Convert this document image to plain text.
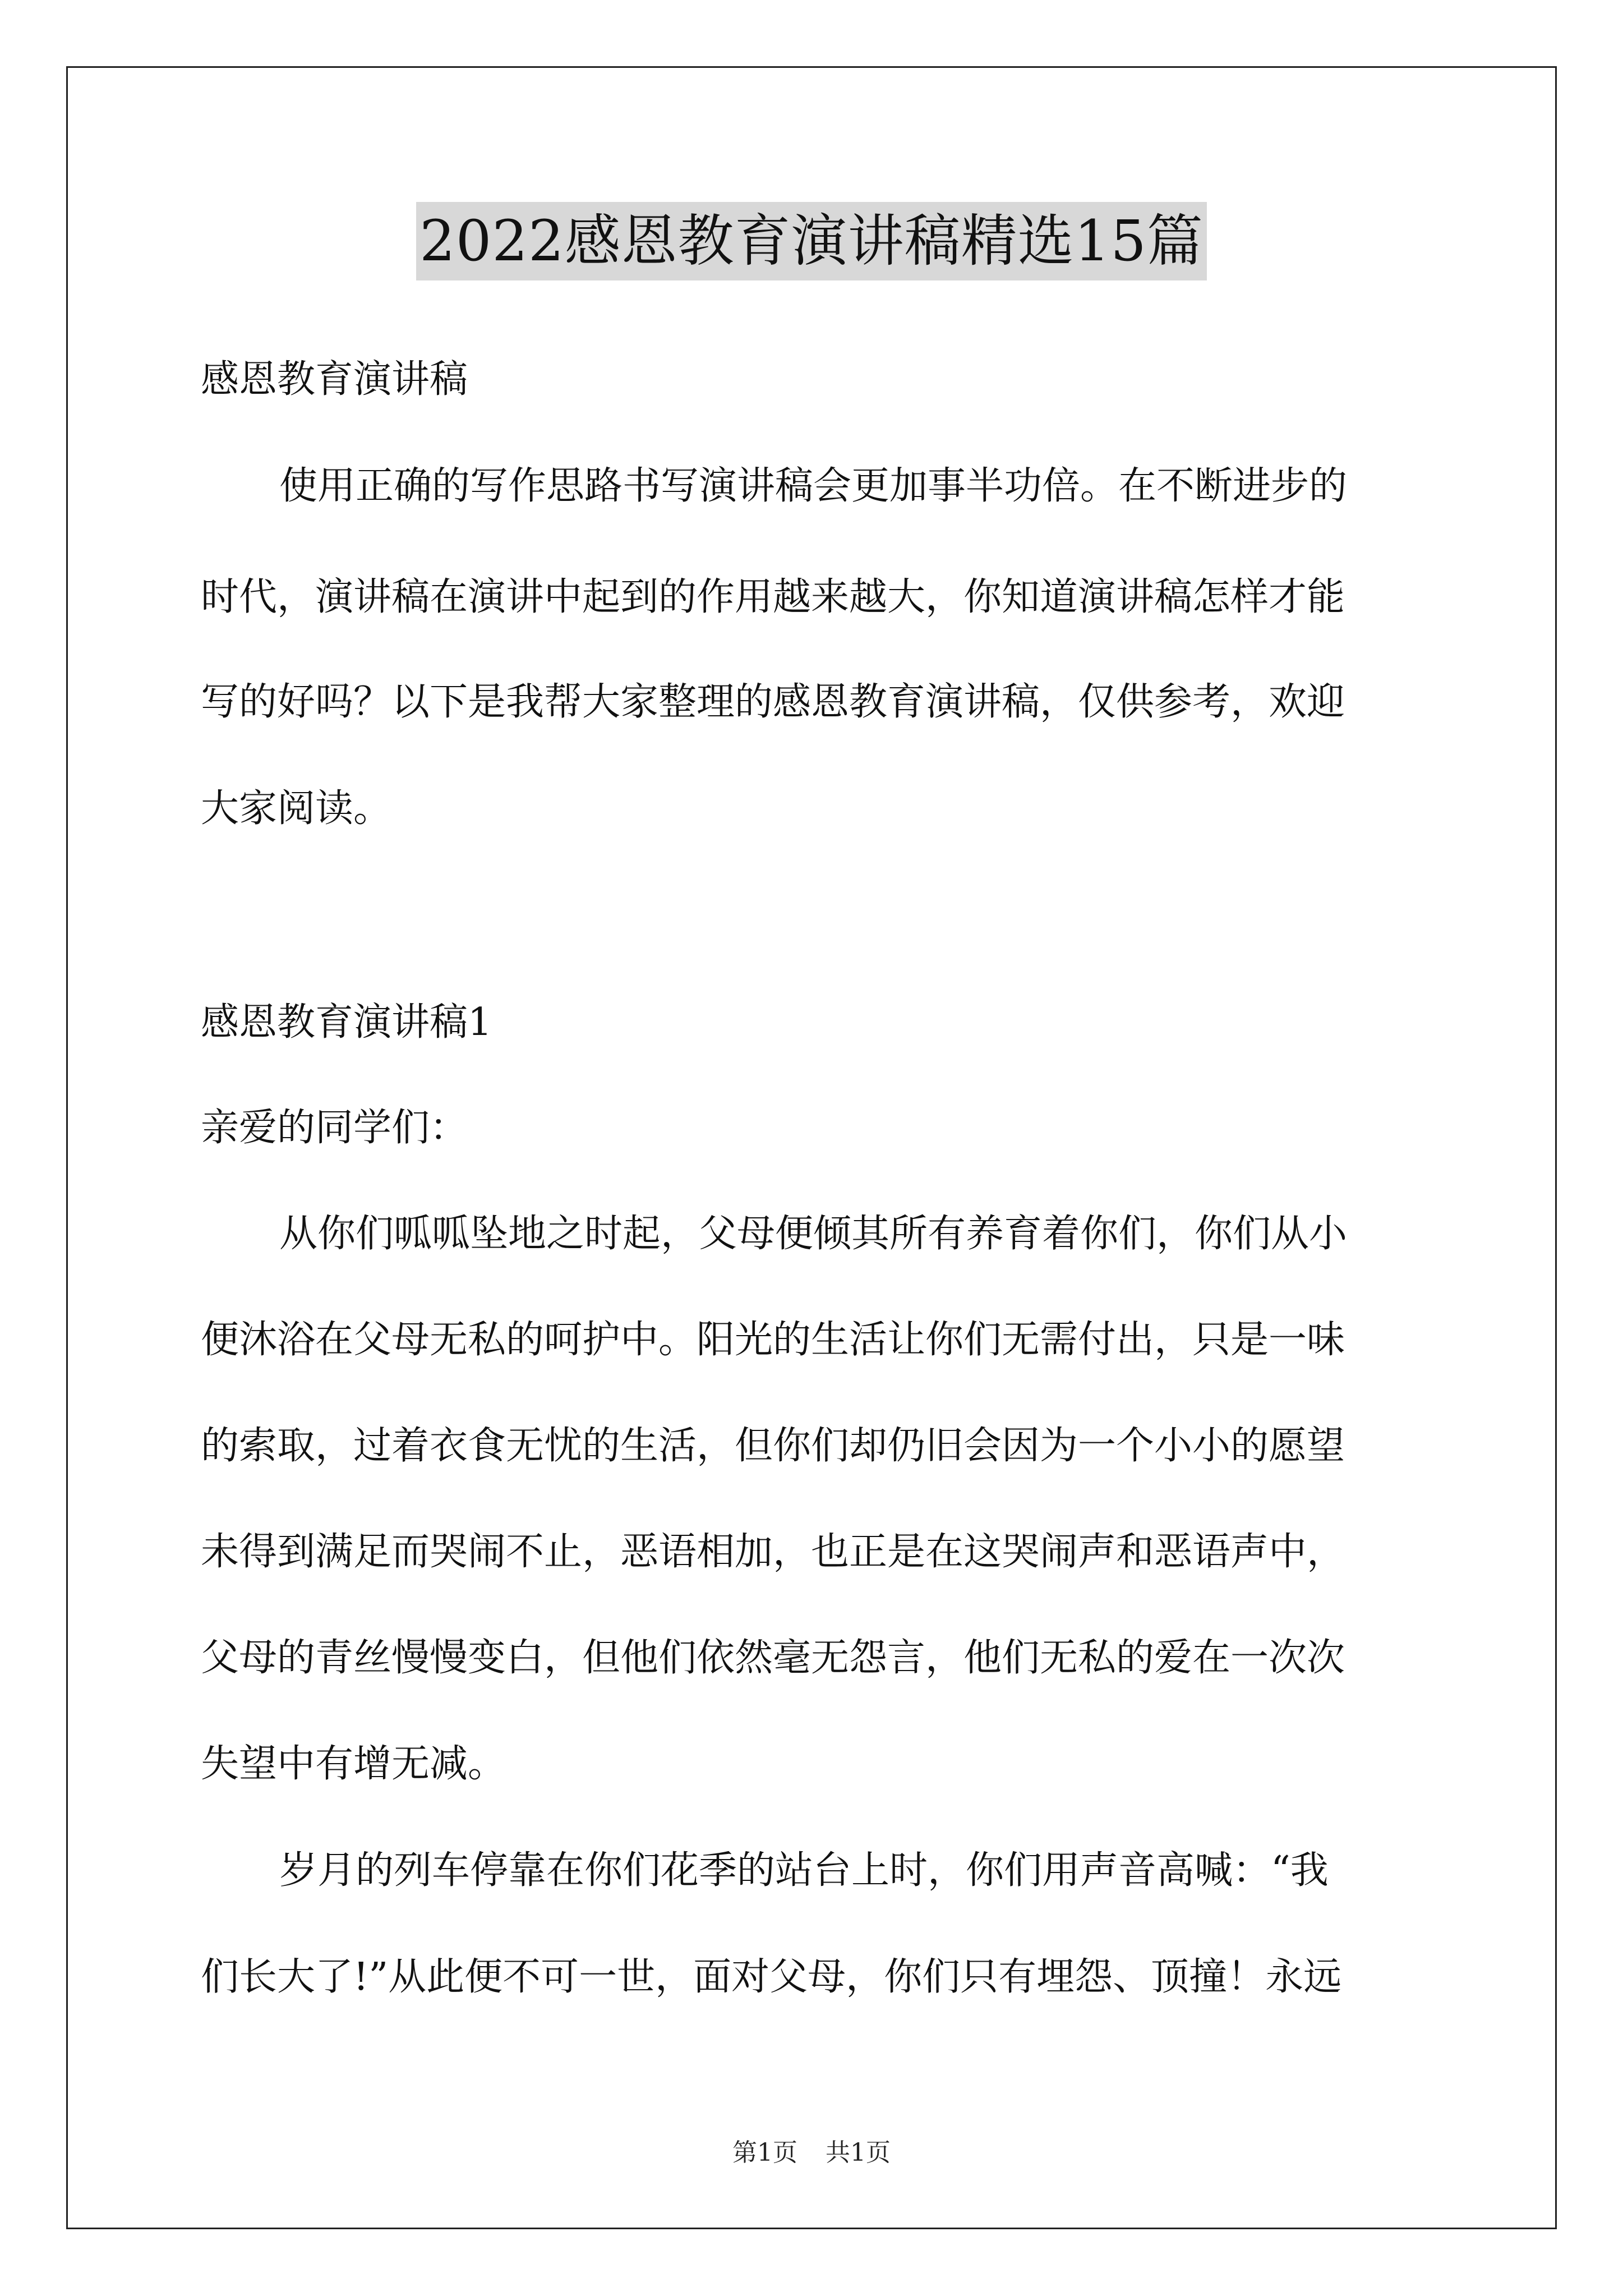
2022感恩教育演讲稿精选15篇
感恩教育演讲稿
使用正确的写作思路书写演讲稿会更加事半功倍。在不断进步的
时代，演讲稿在演讲中起到的作用越来越大，你知道演讲稿怎样才能
写的好吗？以下是我帮大家整理的感恩教育演讲稿，仅供参考，欢迎
大家阅读。
感恩教育演讲稿1
亲爱的同学们：
从你们呱呱坠地之时起，父母便倾其所有养育着你们，你们从小
便沐浴在父母无私的呵护中。阳光的生活让你们无需付出，只是一味
的索取，过着衣食无忧的生活，但你们却仍旧会因为一个小小的愿望
未得到满足而哭闹不止，恶语相加，也正是在这哭闹声和恶语声中，
父母的青丝慢慢变白，但他们依然毫无怨言，他们无私的爱在一次次
失望中有增无减。
岁月的列车停靠在你们花季的站台上时，你们用声音高喊：“我
们长大了!”从此便不可一世，面对父母，你们只有埋怨、顶撞！永远
第1页 共1页
